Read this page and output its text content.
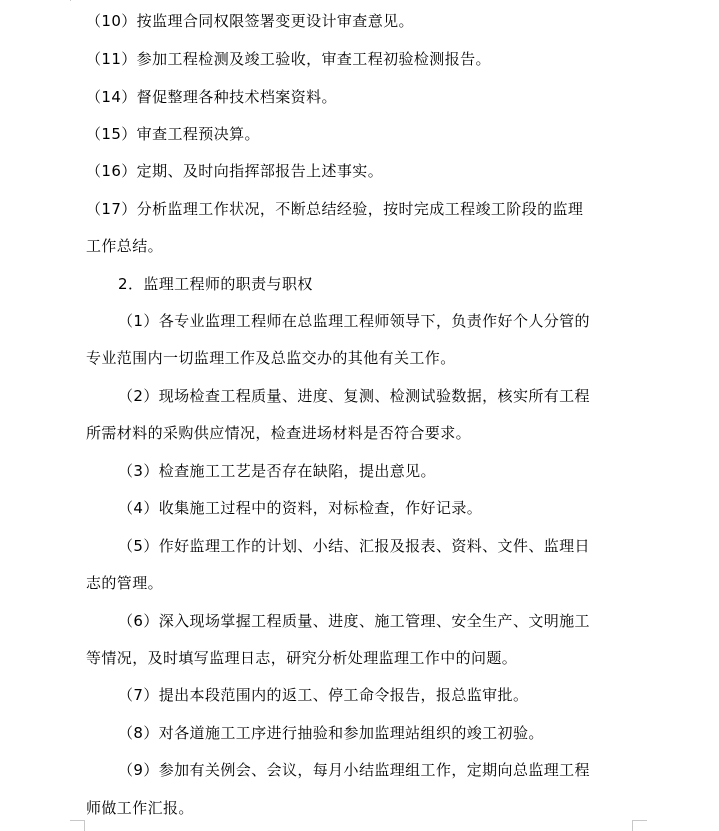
（10）按监理合同权限签署变更设计审查意见。
（11）参加工程检测及竣工验收，审查工程初验检测报告。
（14）督促整理各种技术档案资料。
（15）审查工程预决算。
（16）定期、及时向指挥部报告上述事实。
（17）分析监理工作状况，不断总结经验，按时完成工程竣工阶段的监理
工作总结。
2．监理工程师的职责与职权
（1）各专业监理工程师在总监理工程师领导下，负责作好个人分管的
专业范围内一切监理工作及总监交办的其他有关工作。
（2）现场检查工程质量、进度、复测、检测试验数据，核实所有工程
所需材料的采购供应情况，检查进场材料是否符合要求。
（3）检查施工工艺是否存在缺陷，提出意见。
（4）收集施工过程中的资料，对标检查，作好记录。
（5）作好监理工作的计划、小结、汇报及报表、资料、文件、监理日
志的管理。
（6）深入现场掌握工程质量、进度、施工管理、安全生产、文明施工
等情况，及时填写监理日志，研究分析处理监理工作中的问题。
（7）提出本段范围内的返工、停工命令报告，报总监审批。
（8）对各道施工工序进行抽验和参加监理站组织的竣工初验。
（9）参加有关例会、会议，每月小结监理组工作，定期向总监理工程
师做工作汇报。
